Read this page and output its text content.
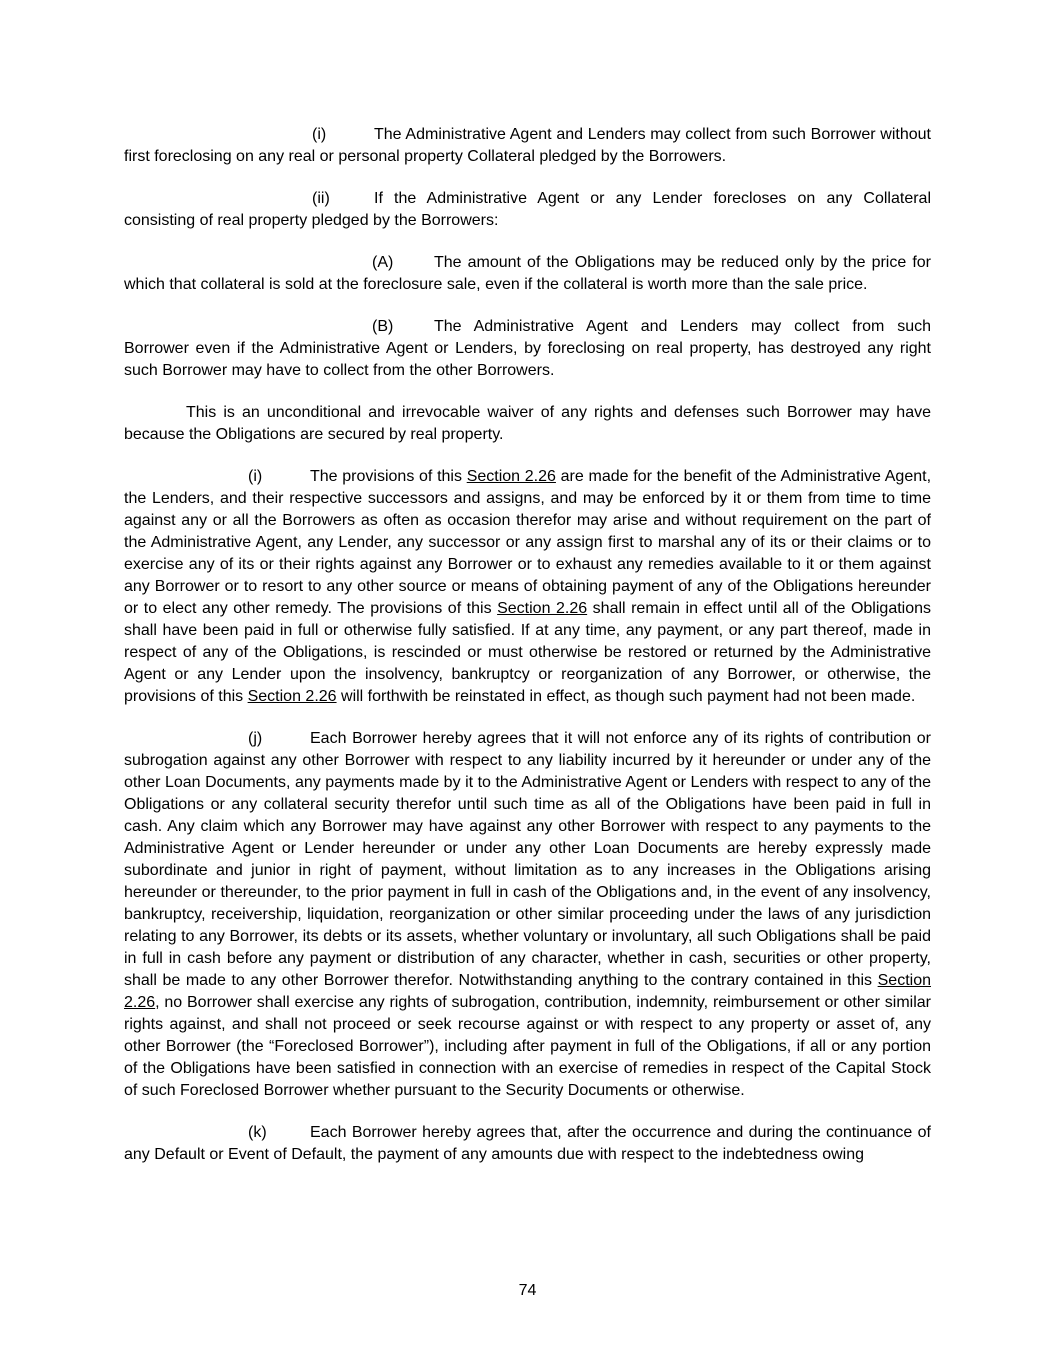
(i)	The Administrative Agent and Lenders may collect from such Borrower without first foreclosing on any real or personal property Collateral pledged by the Borrowers.

(ii)	If the Administrative Agent or any Lender forecloses on any Collateral consisting of real property pledged by the Borrowers:

(A)	The amount of the Obligations may be reduced only by the price for which that collateral is sold at the foreclosure sale, even if the collateral is worth more than the sale price.

(B)	The Administrative Agent and Lenders may collect from such Borrower even if the Administrative Agent or Lenders, by foreclosing on real property, has destroyed any right such Borrower may have to collect from the other Borrowers.

This is an unconditional and irrevocable waiver of any rights and defenses such Borrower may have because the Obligations are secured by real property.

(i)	The provisions of this Section 2.26 are made for the benefit of the Administrative Agent, the Lenders, and their respective successors and assigns, and may be enforced by it or them from time to time against any or all the Borrowers as often as occasion therefor may arise and without requirement on the part of the Administrative Agent, any Lender, any successor or any assign first to marshal any of its or their claims or to exercise any of its or their rights against any Borrower or to exhaust any remedies available to it or them against any Borrower or to resort to any other source or means of obtaining payment of any of the Obligations hereunder or to elect any other remedy. The provisions of this Section 2.26 shall remain in effect until all of the Obligations shall have been paid in full or otherwise fully satisfied. If at any time, any payment, or any part thereof, made in respect of any of the Obligations, is rescinded or must otherwise be restored or returned by the Administrative Agent or any Lender upon the insolvency, bankruptcy or reorganization of any Borrower, or otherwise, the provisions of this Section 2.26 will forthwith be reinstated in effect, as though such payment had not been made.

(j)	Each Borrower hereby agrees that it will not enforce any of its rights of contribution or subrogation against any other Borrower with respect to any liability incurred by it hereunder or under any of the other Loan Documents, any payments made by it to the Administrative Agent or Lenders with respect to any of the Obligations or any collateral security therefor until such time as all of the Obligations have been paid in full in cash. Any claim which any Borrower may have against any other Borrower with respect to any payments to the Administrative Agent or Lender hereunder or under any other Loan Documents are hereby expressly made subordinate and junior in right of payment, without limitation as to any increases in the Obligations arising hereunder or thereunder, to the prior payment in full in cash of the Obligations and, in the event of any insolvency, bankruptcy, receivership, liquidation, reorganization or other similar proceeding under the laws of any jurisdiction relating to any Borrower, its debts or its assets, whether voluntary or involuntary, all such Obligations shall be paid in full in cash before any payment or distribution of any character, whether in cash, securities or other property, shall be made to any other Borrower therefor. Notwithstanding anything to the contrary contained in this Section 2.26, no Borrower shall exercise any rights of subrogation, contribution, indemnity, reimbursement or other similar rights against, and shall not proceed or seek recourse against or with respect to any property or asset of, any other Borrower (the “Foreclosed Borrower”), including after payment in full of the Obligations, if all or any portion of the Obligations have been satisfied in connection with an exercise of remedies in respect of the Capital Stock of such Foreclosed Borrower whether pursuant to the Security Documents or otherwise.

(k)	Each Borrower hereby agrees that, after the occurrence and during the continuance of any Default or Event of Default, the payment of any amounts due with respect to the indebtedness owing

74
